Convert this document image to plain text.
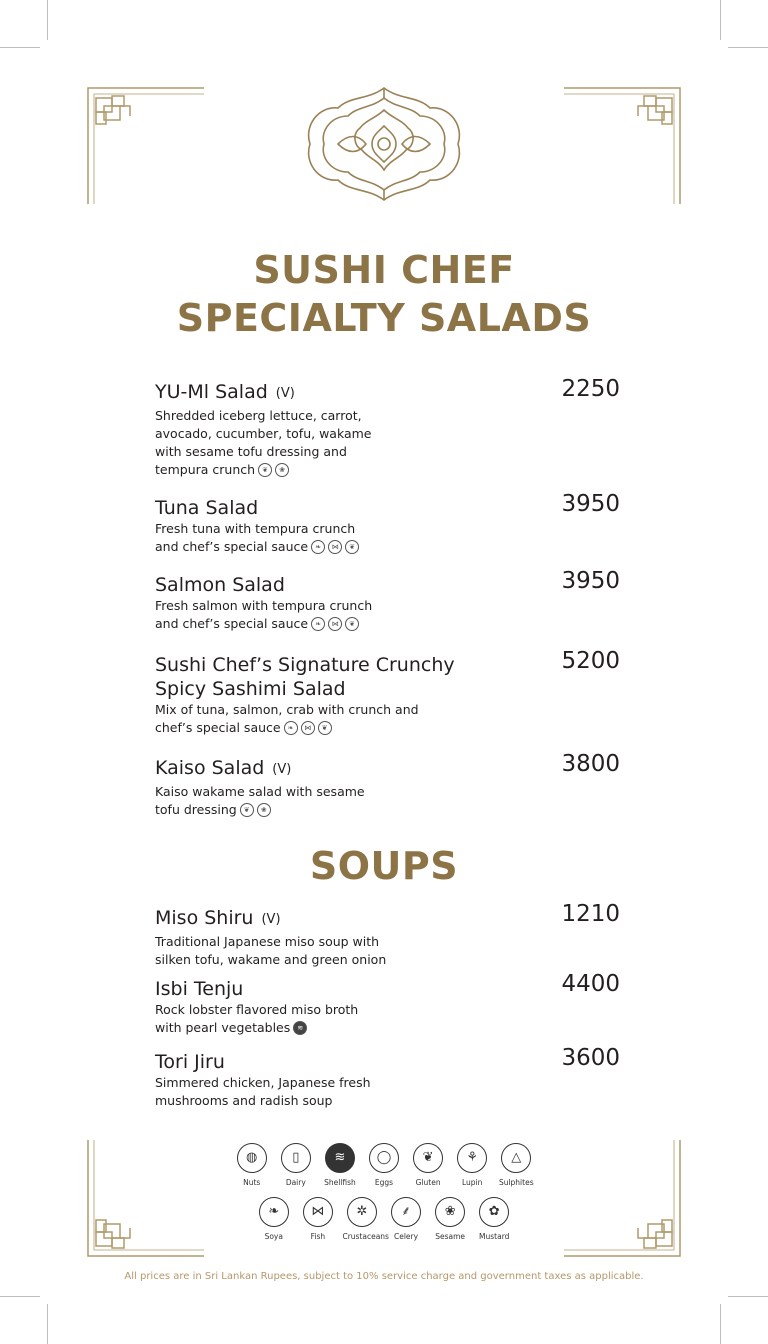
SUSHI CHEF
SPECIALTY SALADS
YU-Ml Salad (V)
Shredded iceberg lettuce, carrot,
avocado, cucumber, tofu, wakame
with sesame tofu dressing and
tempura crunch ❦ ❀
2250
Tuna Salad
Fresh tuna with tempura crunch
and chef’s special sauce ❧ ⋈ ❦
3950
Salmon Salad
Fresh salmon with tempura crunch
and chef’s special sauce ❧ ⋈ ❦
3950
Sushi Chef’s Signature Crunchy
Spicy Sashimi Salad
Mix of tuna, salmon, crab with crunch and
chef’s special sauce ❧ ⋈ ❦
5200
Kaiso Salad (V)
Kaiso wakame salad with sesame
tofu dressing ❦ ❀
3800
SOUPS
Miso Shiru (V)
Traditional Japanese miso soup with
silken tofu, wakame and green onion
1210
Isbi Tenju
Rock lobster flavored miso broth
with pearl vegetables ≋
4400
Tori Jiru
Simmered chicken, Japanese fresh
mushrooms and radish soup
3600
◍
Nuts

▯
Dairy

≋
Shellfish

◯
Eggs

❦
Gluten

⚘
Lupin

△
Sulphites
❧
Soya

⋈
Fish

✲
Crustaceans

⸙
Celery

❀
Sesame

✿
Mustard
All prices are in Sri Lankan Rupees, subject to 10% service charge and government taxes as applicable.
